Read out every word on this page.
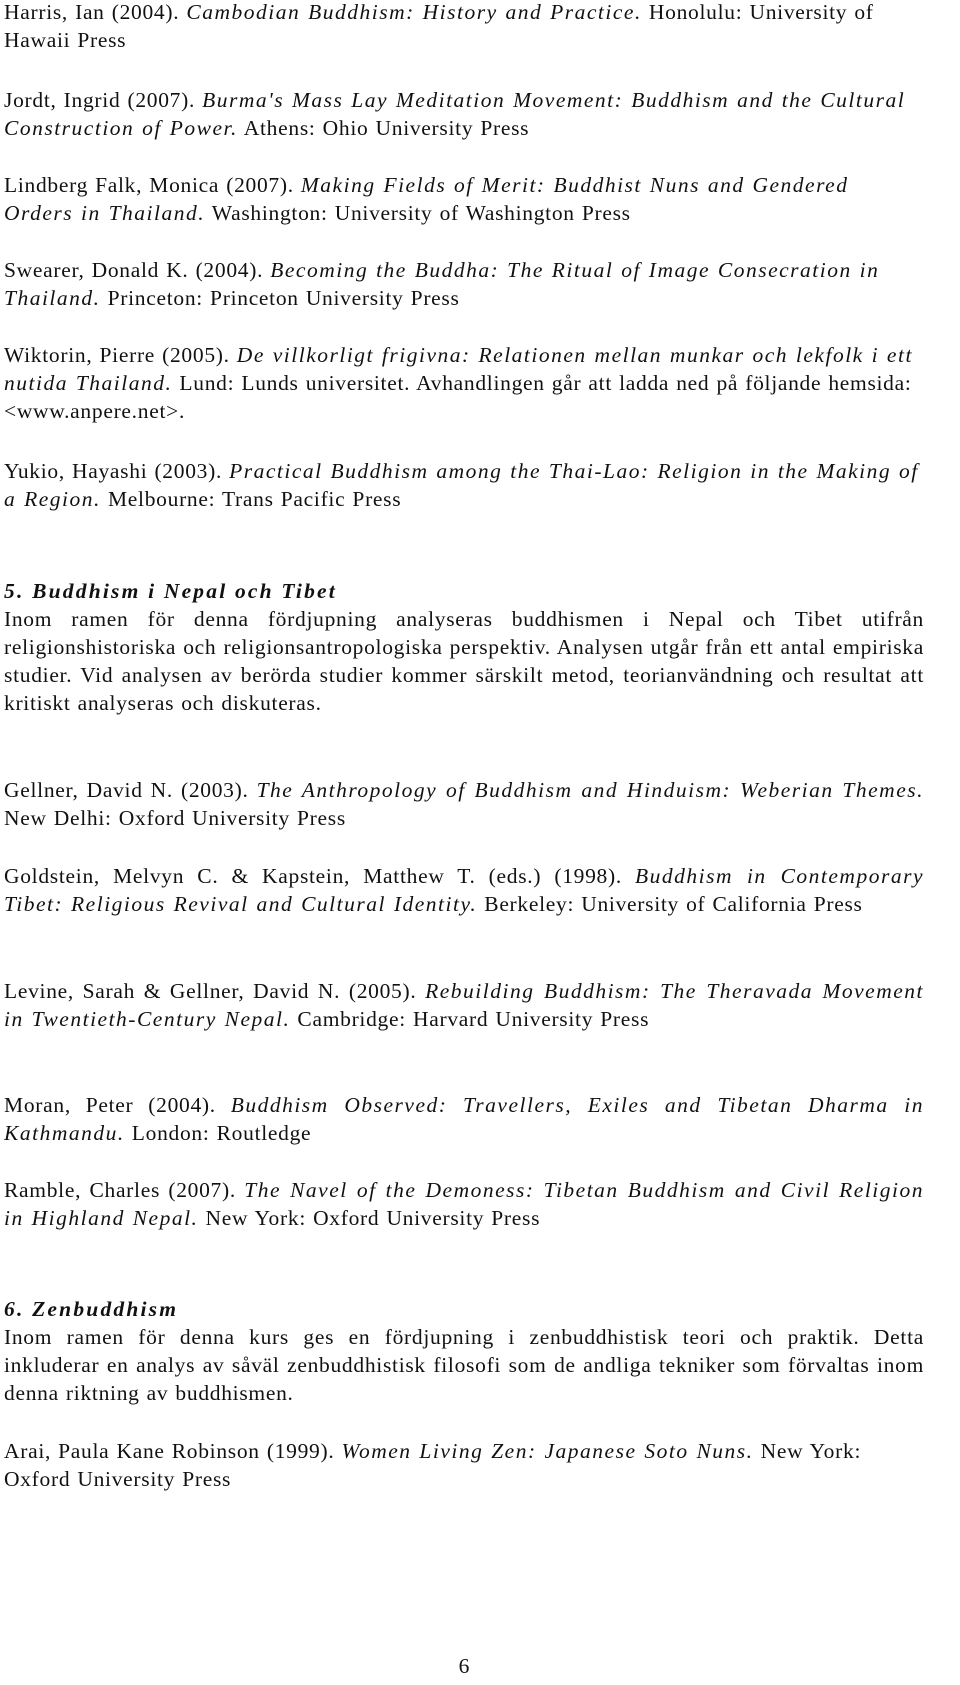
Harris, Ian (2004). Cambodian Buddhism: History and Practice. Honolulu: University of Hawaii Press

Jordt, Ingrid (2007). Burma's Mass Lay Meditation Movement: Buddhism and the Cultural Construction of Power. Athens: Ohio University Press

Lindberg Falk, Monica (2007). Making Fields of Merit: Buddhist Nuns and Gendered Orders in Thailand. Washington: University of Washington Press

Swearer, Donald K. (2004). Becoming the Buddha: The Ritual of Image Consecration in Thailand. Princeton: Princeton University Press

Wiktorin, Pierre (2005). De villkorligt frigivna: Relationen mellan munkar och lekfolk i ett nutida Thailand. Lund: Lunds universitet. Avhandlingen går att ladda ned på följande hemsida: <www.anpere.net>.

Yukio, Hayashi (2003). Practical Buddhism among the Thai-Lao: Religion in the Making of a Region. Melbourne: Trans Pacific Press

5. Buddhism i Nepal och Tibet

Inom ramen för denna fördjupning analyseras buddhismen i Nepal och Tibet utifrån religionshistoriska och religionsantropologiska perspektiv. Analysen utgår från ett antal empiriska studier. Vid analysen av berörda studier kommer särskilt metod, teorianvändning och resultat att kritiskt analyseras och diskuteras.

Gellner, David N. (2003). The Anthropology of Buddhism and Hinduism: Weberian Themes. New Delhi: Oxford University Press

Goldstein, Melvyn C. & Kapstein, Matthew T. (eds.) (1998). Buddhism in Contemporary Tibet: Religious Revival and Cultural Identity. Berkeley: University of California Press

Levine, Sarah & Gellner, David N. (2005). Rebuilding Buddhism: The Theravada Movement in Twentieth-Century Nepal. Cambridge: Harvard University Press

Moran, Peter (2004). Buddhism Observed: Travellers, Exiles and Tibetan Dharma in Kathmandu. London: Routledge

Ramble, Charles (2007). The Navel of the Demoness: Tibetan Buddhism and Civil Religion in Highland Nepal. New York: Oxford University Press

6. Zenbuddhism

Inom ramen för denna kurs ges en fördjupning i zenbuddhistisk teori och praktik. Detta inkluderar en analys av såväl zenbuddhistisk filosofi som de andliga tekniker som förvaltas inom denna riktning av buddhismen.

Arai, Paula Kane Robinson (1999). Women Living Zen: Japanese Soto Nuns. New York: Oxford University Press

6
